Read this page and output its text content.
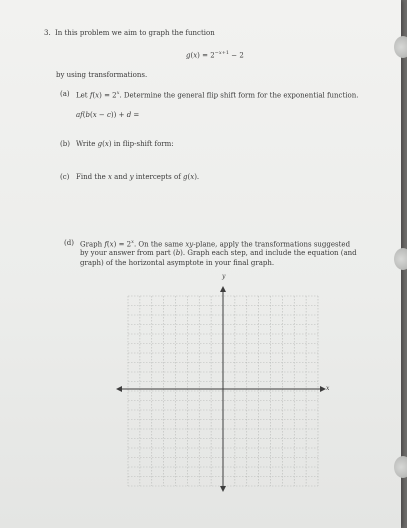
3. In this problem we aim to graph the function
$g(x) = 2^{-x+1} - 2$
by using transformations.
(a) Let $f(x) = 2^x$. Determine the general flip shift form for the exponential function.
af(b(x − c)) + d =
(b) Write g(x) in flip-shift form:
(c) Find the x and y intercepts of g(x).
(d) Graph $f(x) = 2^x$. On the same xy-plane, apply the transformations suggested
by your answer from part (b). Graph each step, and include the equation (and
graph) of the horizontal asymptote in your final graph.
y
x
